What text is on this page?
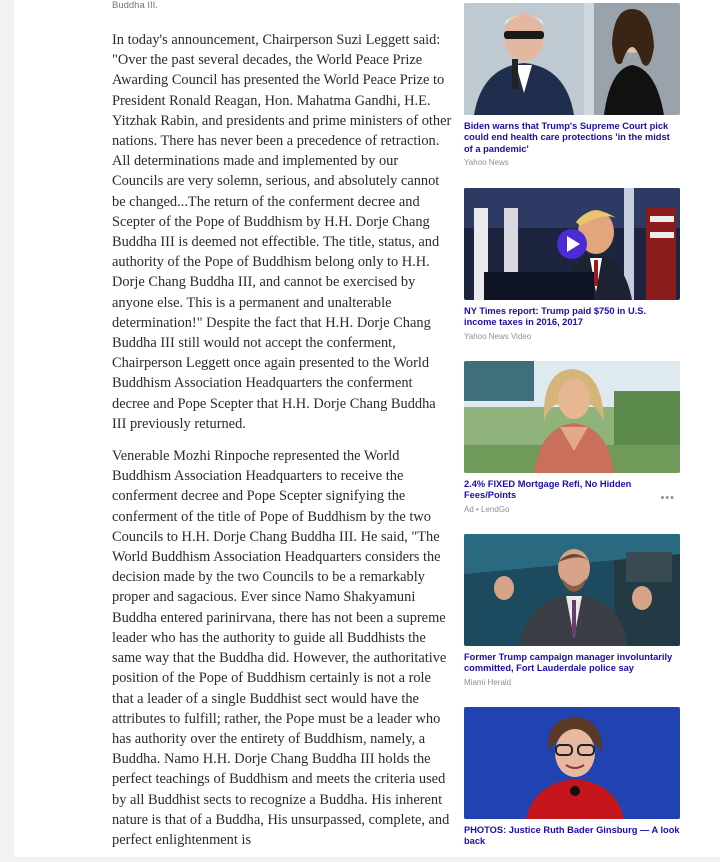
Buddha III.

In today's announcement, Chairperson Suzi Leggett said: "Over the past several decades, the World Peace Prize Awarding Council has presented the World Peace Prize to President Ronald Reagan, Hon. Mahatma Gandhi, H.E. Yitzhak Rabin, and presidents and prime ministers of other nations. There has never been a precedence of retraction. All determinations made and implemented by our Councils are very solemn, serious, and absolutely cannot be changed...The return of the conferment decree and Scepter of the Pope of Buddhism by H.H. Dorje Chang Buddha III is deemed not effectible. The title, status, and authority of the Pope of Buddhism belong only to H.H. Dorje Chang Buddha III, and cannot be exercised by anyone else. This is a permanent and unalterable determination!" Despite the fact that H.H. Dorje Chang Buddha III still would not accept the conferment, Chairperson Leggett once again presented to the World Buddhism Association Headquarters the conferment decree and Pope Scepter that H.H. Dorje Chang Buddha III previously returned.

Venerable Mozhi Rinpoche represented the World Buddhism Association Headquarters to receive the conferment decree and Pope Scepter signifying the conferment of the title of Pope of Buddhism by the two Councils to H.H. Dorje Chang Buddha III. He said, "The World Buddhism Association Headquarters considers the decision made by the two Councils to be a remarkably proper and sagacious. Ever since Namo Shakyamuni Buddha entered parinirvana, there has not been a supreme leader who has the authority to guide all Buddhists the same way that the Buddha did. However, the authoritative position of the Pope of Buddhism certainly is not a role that a leader of a single Buddhist sect would have the attributes to fulfill; rather, the Pope must be a leader who has authority over the entirety of Buddhism, namely, a Buddha. Namo H.H. Dorje Chang Buddha III holds the perfect teachings of Buddhism and meets the criteria used by all Buddhist sects to recognize a Buddha. His inherent nature is that of a Buddha, His unsurpassed, complete, and perfect enlightenment is

Biden warns that Trump's Supreme Court pick could end health care protections 'in the midst of a pandemic'
Yahoo News
NY Times report: Trump paid $750 in U.S. income taxes in 2016, 2017
Yahoo News Video
2.4% FIXED Mortgage Refi, No Hidden Fees/Points
Ad • LendGo
•••
Former Trump campaign manager involuntarily committed, Fort Lauderdale police say
Miami Herald
PHOTOS: Justice Ruth Bader Ginsburg — A look back
